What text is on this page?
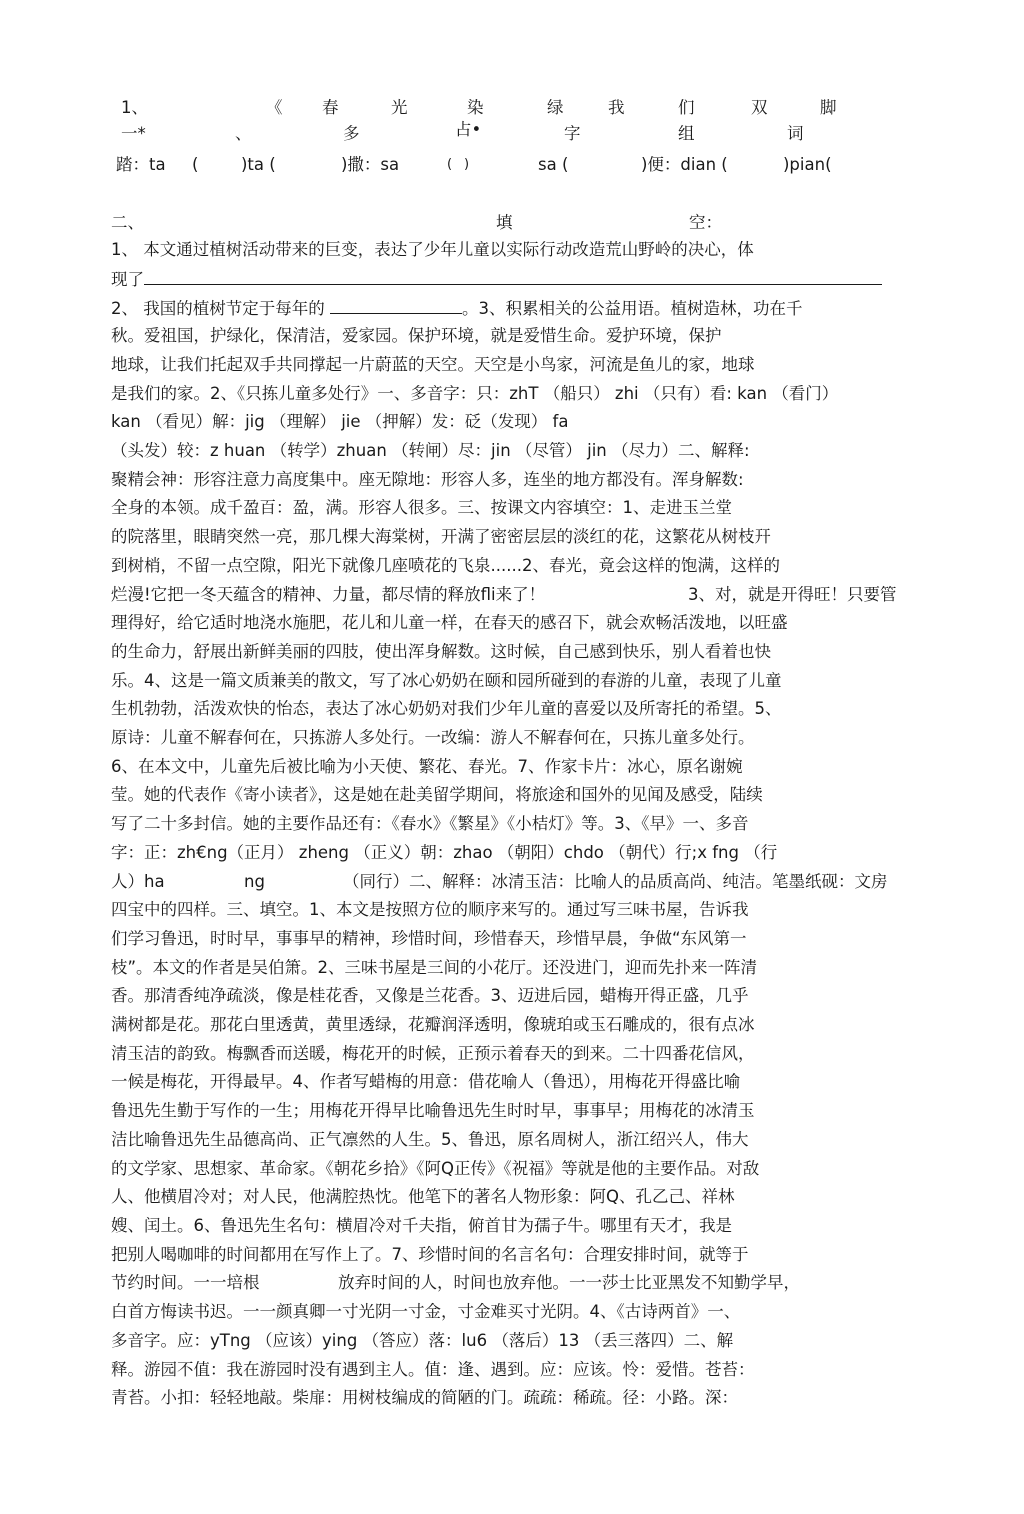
1、	《 春	光	染	绿	我	们	双	脚
一*	、	多	占•	字	组	词
踏：ta (	)ta (	)撒：sa	( )	sa (	)便：dian (	)pian(
二、	填	空：
1、 本文通过植树活动带来的巨变，表达了少年儿童以实际行动改造荒山野岭的决心，体
现了
2、 我国的植树节定于每年的	。3、积累相关的公益用语。植树造林，功在千
秋。爱祖国，护绿化，保清洁，爱家园。保护环境，就是爱惜生命。爱护环境，保护
地球，让我们托起双手共同撑起一片蔚蓝的天空。天空是小鸟家，河流是鱼儿的家，地球
是我们的家。2、《只拣儿童多处行》一、多音字：只：zhT （船只） zhi （只有）看: kan （看门）
kan （看见）解：jig （理解） jie （押解）发：砭（发现） fa
（头发）较：z huan （转学）zhuan （转闸）尽：jin （尽管） jin （尽力）二、解释:
聚精会神：形容注意力高度集中。座无隙地：形容人多，连坐的地方都没有。浑身解数:
全身的本领。成千盈百：盈，满。形容人很多。三、按课文内容填空：1、走进玉兰堂
的院落里，眼睛突然一亮，那几棵大海棠树，开满了密密层层的淡红的花，这繁花从树枝幵
到树梢，不留一点空隙，阳光下就像几座喷花的飞泉......2、春光，竟会这样的饱满，这样的
烂漫!它把一冬天蕴含的精神、力量，都尽情的释放fli来了！	3、对，就是开得旺！只要管
理得好，给它适时地浇水施肥，花儿和儿童一样，在春天的感召下，就会欢畅活泼地，以旺盛
的生命力，舒展出新鲜美丽的四肢，使出浑身解数。这时候，自己感到快乐，别人看着也快
乐。4、这是一篇文质兼美的散文，写了冰心奶奶在颐和园所碰到的春游的儿童，表现了儿童
生机勃勃，活泼欢快的怡态，表达了冰心奶奶对我们少年儿童的喜爱以及所寄托的希望。5、
原诗：儿童不解春何在，只拣游人多处行。一改编：游人不解春何在，只拣儿童多处行。
6、在本文中，儿童先后被比喻为小天使、繁花、春光。7、作家卡片：冰心，原名谢婉
莹。她的代表作《寄小读者》，这是她在赴美留学期间，将旅途和国外的见闻及感受，陆续
写了二十多封信。她的主要作品还有：《春水》《繁星》《小桔灯》等。3、《早》一、多音
字：正：zh€ng（正月） zheng （正义）朝：zhao （朝阳）chdo （朝代）行;x fng （行
人）ha	ng	（同行）二、解释：冰清玉洁：比喻人的品质高尚、纯洁。笔墨纸砚：文房
四宝中的四样。三、填空。1、本文是按照方位的顺序来写的。通过写三味书屋，告诉我
们学习鲁迅，时时早，事事早的精神，珍惜时间，珍惜春天，珍惜早晨，争做“东风第一
枝”。本文的作者是吴伯箫。2、三味书屋是三间的小花厅。还没进门，迎而先扑来一阵清
香。那清香纯净疏淡，像是桂花香，又像是兰花香。3、迈进后园，蜡梅开得正盛，几乎
满树都是花。那花白里透黄，黄里透绿，花瓣润泽透明，像琥珀或玉石雕成的，很有点冰
清玉洁的韵致。梅飘香而送暖，梅花开的时候，正预示着春天的到来。二十四番花信风，
一候是梅花，开得最早。4、作者写蜡梅的用意：借花喻人（鲁迅），用梅花开得盛比喻
鲁迅先生勤于写作的一生；用梅花开得早比喻鲁迅先生时时早，事事早；用梅花的冰清玉
洁比喻鲁迅先生品德高尚、正气凛然的人生。5、鲁迅，原名周树人，浙江绍兴人，伟大
的文学家、思想家、革命家。《朝花乡拾》《阿Q正传》《祝福》等就是他的主要作品。对敌
人、他横眉冷对；对人民，他满腔热忱。他笔下的著名人物形象：阿Q、孔乙己、祥林
嫂、闰土。6、鲁迅先生名句：横眉冷对千夫指，俯首甘为孺子牛。哪里有天才，我是
把别人喝咖啡的时间都用在写作上了。7、珍惜时间的名言名句：合理安排时间，就等于
节约时间。一一培根	放弃时间的人，时间也放弃他。一一莎士比亚黑发不知勤学早，
白首方悔读书迟。一一颜真卿一寸光阴一寸金，寸金难买寸光阴。4、《古诗两首》一、
多音字。应：yTng （应该）ying （答应）落：lu6 （落后）13 （丢三落四）二、解
释。游园不值：我在游园时没有遇到主人。值：逢、遇到。应：应该。怜：爱惜。苍苔：
青苔。小扣：轻轻地敲。柴扉：用树枝编成的简陋的门。疏疏：稀疏。径：小路。深：
